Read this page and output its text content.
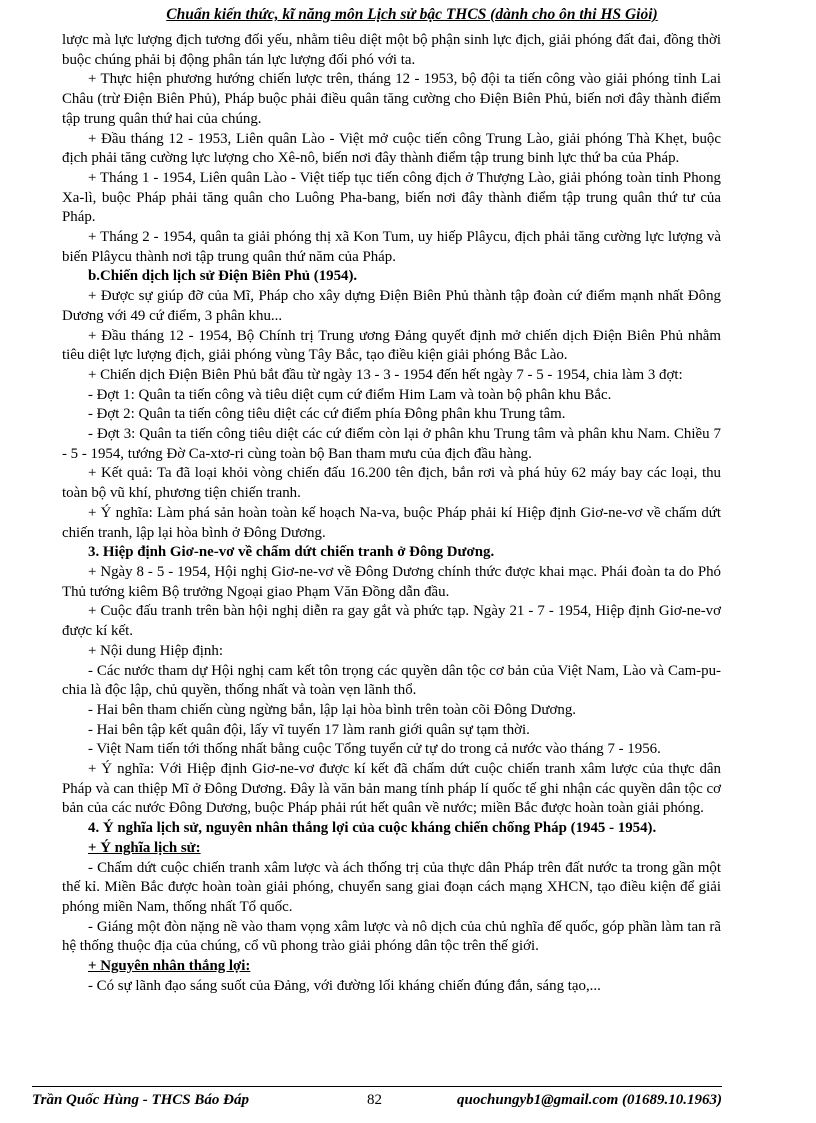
Chuẩn kiến thức, kĩ năng môn Lịch sử bậc THCS (dành cho ôn thi HS Giỏi)

lược mà lực lượng địch tương đối yếu, nhằm tiêu diệt một bộ phận sinh lực địch, giải phóng đất đai, đồng thời buộc chúng phải bị động phân tán lực lượng đối phó với ta.

+ Thực hiện phương hướng chiến lược trên, tháng 12 - 1953, bộ đội ta tiến công vào giải phóng tỉnh Lai Châu (trừ Điện Biên Phủ), Pháp buộc phải điều quân tăng cường cho Điện Biên Phủ, biến nơi đây thành điểm tập trung quân thứ hai của chúng.

+ Đầu tháng 12 - 1953, Liên quân Lào - Việt mở cuộc tiến công Trung Lào, giải phóng Thà Khẹt, buộc địch phải tăng cường lực lượng cho Xê-nô, biến nơi đây thành điểm tập trung binh lực thứ ba của Pháp.

+ Tháng 1 - 1954, Liên quân Lào - Việt tiếp tục tiến công địch ở Thượng Lào, giải phóng toàn tỉnh Phong Xa-lì, buộc Pháp phải tăng quân cho Luông Pha-bang, biến nơi đây thành điểm tập trung quân thứ tư của Pháp.

+ Tháng 2 - 1954, quân ta giải phóng thị xã Kon Tum, uy hiếp Plâycu, địch phải tăng cường lực lượng và biến Plâycu thành nơi tập trung quân thứ năm của Pháp.

b.Chiến dịch lịch sử Điện Biên Phủ (1954).

+ Được sự giúp đỡ của Mĩ, Pháp cho xây dựng Điện Biên Phủ thành tập đoàn cứ điểm mạnh nhất Đông Dương với 49 cứ điểm, 3 phân khu...

+ Đầu tháng 12 - 1954, Bộ Chính trị Trung ương Đảng quyết định mở chiến dịch Điện Biên Phủ nhằm tiêu diệt lực lượng địch, giải phóng vùng Tây Bắc, tạo điều kiện giải phóng Bắc Lào.

+ Chiến dịch Điện Biên Phủ bắt đầu từ ngày 13 - 3 - 1954 đến hết ngày 7 - 5 - 1954, chia làm 3 đợt:

- Đợt 1: Quân ta tiến công và tiêu diệt cụm cứ điểm Him Lam và toàn bộ phân khu Bắc.

- Đợt 2: Quân ta tiến công tiêu diệt các cứ điểm phía Đông phân khu Trung tâm.

- Đợt 3: Quân ta tiến công tiêu diệt các cứ điểm còn lại ở phân khu Trung tâm và phân khu Nam. Chiều 7 - 5 - 1954, tướng Đờ Ca-xtơ-ri cùng toàn bộ Ban tham mưu của địch đầu hàng.

+ Kết quả: Ta đã loại khỏi vòng chiến đấu 16.200 tên địch, bắn rơi và phá hủy 62 máy bay các loại, thu toàn bộ vũ khí, phương tiện chiến tranh.

+ Ý nghĩa: Làm phá sản hoàn toàn kế hoạch Na-va, buộc Pháp phải kí Hiệp định Giơ-ne-vơ về chấm dứt chiến tranh, lập lại hòa bình ở Đông Dương.

3. Hiệp định Giơ-ne-vơ về chấm dứt chiến tranh ở Đông Dương.

+ Ngày 8 - 5 - 1954, Hội nghị Giơ-ne-vơ về Đông Dương chính thức được khai mạc. Phái đoàn ta do Phó Thủ tướng kiêm Bộ trưởng Ngoại giao Phạm Văn Đồng dẫn đầu.

+ Cuộc đấu tranh trên bàn hội nghị diễn ra gay gắt và phức tạp. Ngày 21 - 7 - 1954, Hiệp định Giơ-ne-vơ được kí kết.

+ Nội dung Hiệp định:

- Các nước tham dự Hội nghị cam kết tôn trọng các quyền dân tộc cơ bản của Việt Nam, Lào và Cam-pu-chia là độc lập, chủ quyền, thống nhất và toàn vẹn lãnh thổ.

- Hai bên tham chiến cùng ngừng bắn, lập lại hòa bình trên toàn cõi Đông Dương.

- Hai bên tập kết quân đội, lấy vĩ tuyến 17 làm ranh giới quân sự tạm thời.

- Việt Nam tiến tới thống nhất bằng cuộc Tổng tuyển cử tự do trong cả nước vào tháng 7 - 1956.

+ Ý nghĩa: Với Hiệp định Giơ-ne-vơ được kí kết đã chấm dứt cuộc chiến tranh xâm lược của thực dân Pháp và can thiệp Mĩ ở Đông Dương. Đây là văn bản mang tính pháp lí quốc tế ghi nhận các quyền dân tộc cơ bản của các nước Đông Dương, buộc Pháp phải rút hết quân về nước; miền Bắc được hoàn toàn giải phóng.

4. Ý nghĩa lịch sử, nguyên nhân thắng lợi của cuộc kháng chiến chống Pháp (1945 - 1954).

+ Ý nghĩa lịch sử:

- Chấm dứt cuộc chiến tranh xâm lược và ách thống trị của thực dân Pháp trên đất nước ta trong gần một thế kỉ. Miền Bắc được hoàn toàn giải phóng, chuyển sang giai đoạn cách mạng XHCN, tạo điều kiện để giải phóng miền Nam, thống nhất Tổ quốc.

- Giáng một đòn nặng nề vào tham vọng xâm lược và nô dịch của chủ nghĩa đế quốc, góp phần làm tan rã hệ thống thuộc địa của chúng, cổ vũ phong trào giải phóng dân tộc trên thế giới.

+ Nguyên nhân thắng lợi:

- Có sự lãnh đạo sáng suốt của Đảng, với đường lối kháng chiến đúng đắn, sáng tạo,...

Trần Quốc Hùng - THCS Báo Đáp	82	quochungyb1@gmail.com (01689.10.1963)
